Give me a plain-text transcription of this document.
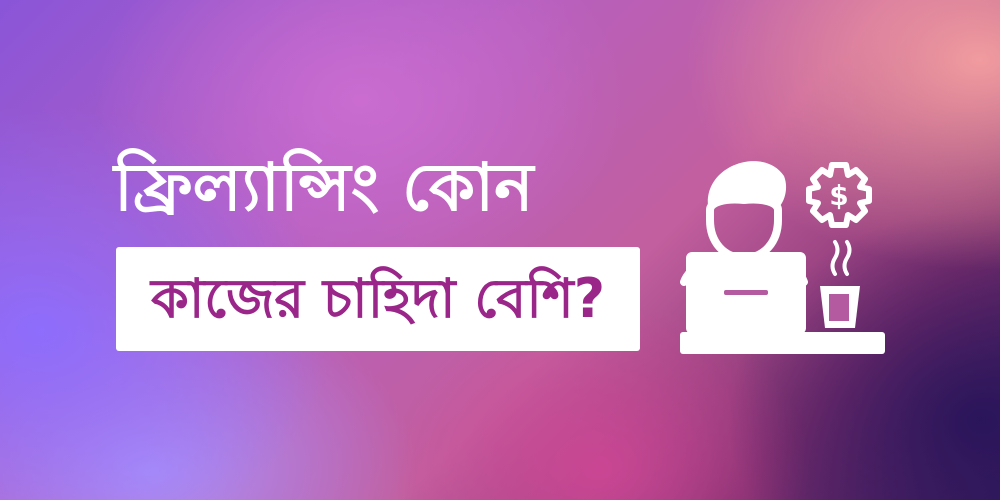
ফ্রিল্যান্সিং কোন
কাজের চাহিদা বেশি?
$
